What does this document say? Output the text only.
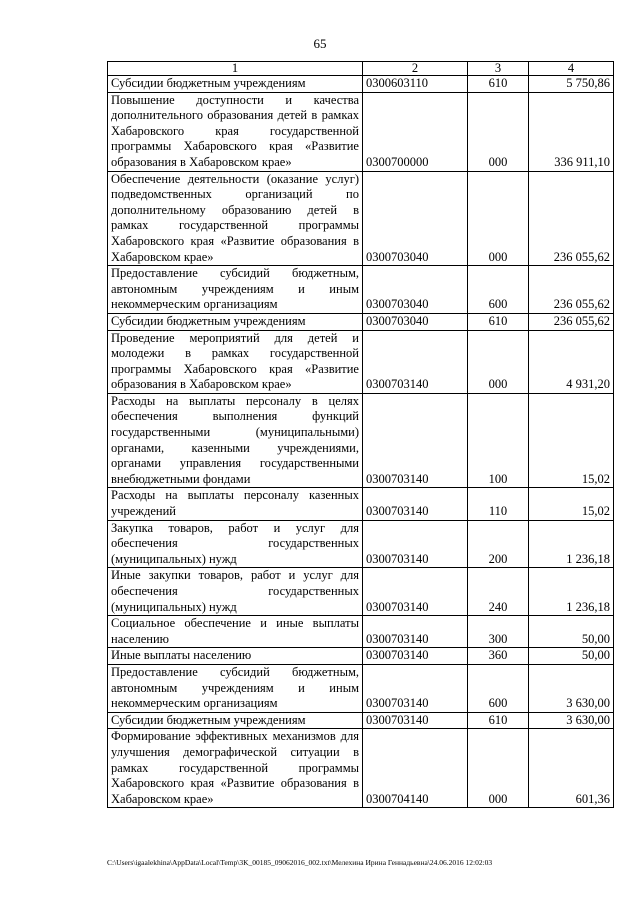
65
1	2	3	4
Субсидии бюджетным учреждениям	0300603110	610	5 750,86
Повышение доступности и качества дополнительного образования детей в рамках Хабаровского края государственной программы Хабаровского края «Развитие образования в Хабаровском крае»	0300700000	000	336 911,10
Обеспечение деятельности (оказание услуг) подведомственных организаций по дополнительному образованию детей в рамках государственной программы Хабаровского края «Развитие образования в Хабаровском крае»	0300703040	000	236 055,62
Предоставление субсидий бюджетным, автономным учреждениям и иным некоммерческим организациям	0300703040	600	236 055,62
Субсидии бюджетным учреждениям	0300703040	610	236 055,62
Проведение мероприятий для детей и молодежи в рамках государственной программы Хабаровского края «Развитие образования в Хабаровском крае»	0300703140	000	4 931,20
Расходы на выплаты персоналу в целях обеспечения выполнения функций государственными (муниципальными) органами, казенными учреждениями, органами управления государственными внебюджетными фондами	0300703140	100	15,02
Расходы на выплаты персоналу казенных учреждений	0300703140	110	15,02
Закупка товаров, работ и услуг для обеспечения государственных (муниципальных) нужд	0300703140	200	1 236,18
Иные закупки товаров, работ и услуг для обеспечения государственных (муниципальных) нужд	0300703140	240	1 236,18
Социальное обеспечение и иные выплаты населению	0300703140	300	50,00
Иные выплаты населению	0300703140	360	50,00
Предоставление субсидий бюджетным, автономным учреждениям и иным некоммерческим организациям	0300703140	600	3 630,00
Субсидии бюджетным учреждениям	0300703140	610	3 630,00
Формирование эффективных механизмов для улучшения демографической ситуации в рамках государственной программы Хабаровского края «Развитие образования в Хабаровском крае»	0300704140	000	601,36
C:\Users\igaalekhina\AppData\Local\Temp\3K_00185_09062016_002.txt\Мелехина Ирина Геннадьевна\24.06.2016 12:02:03
